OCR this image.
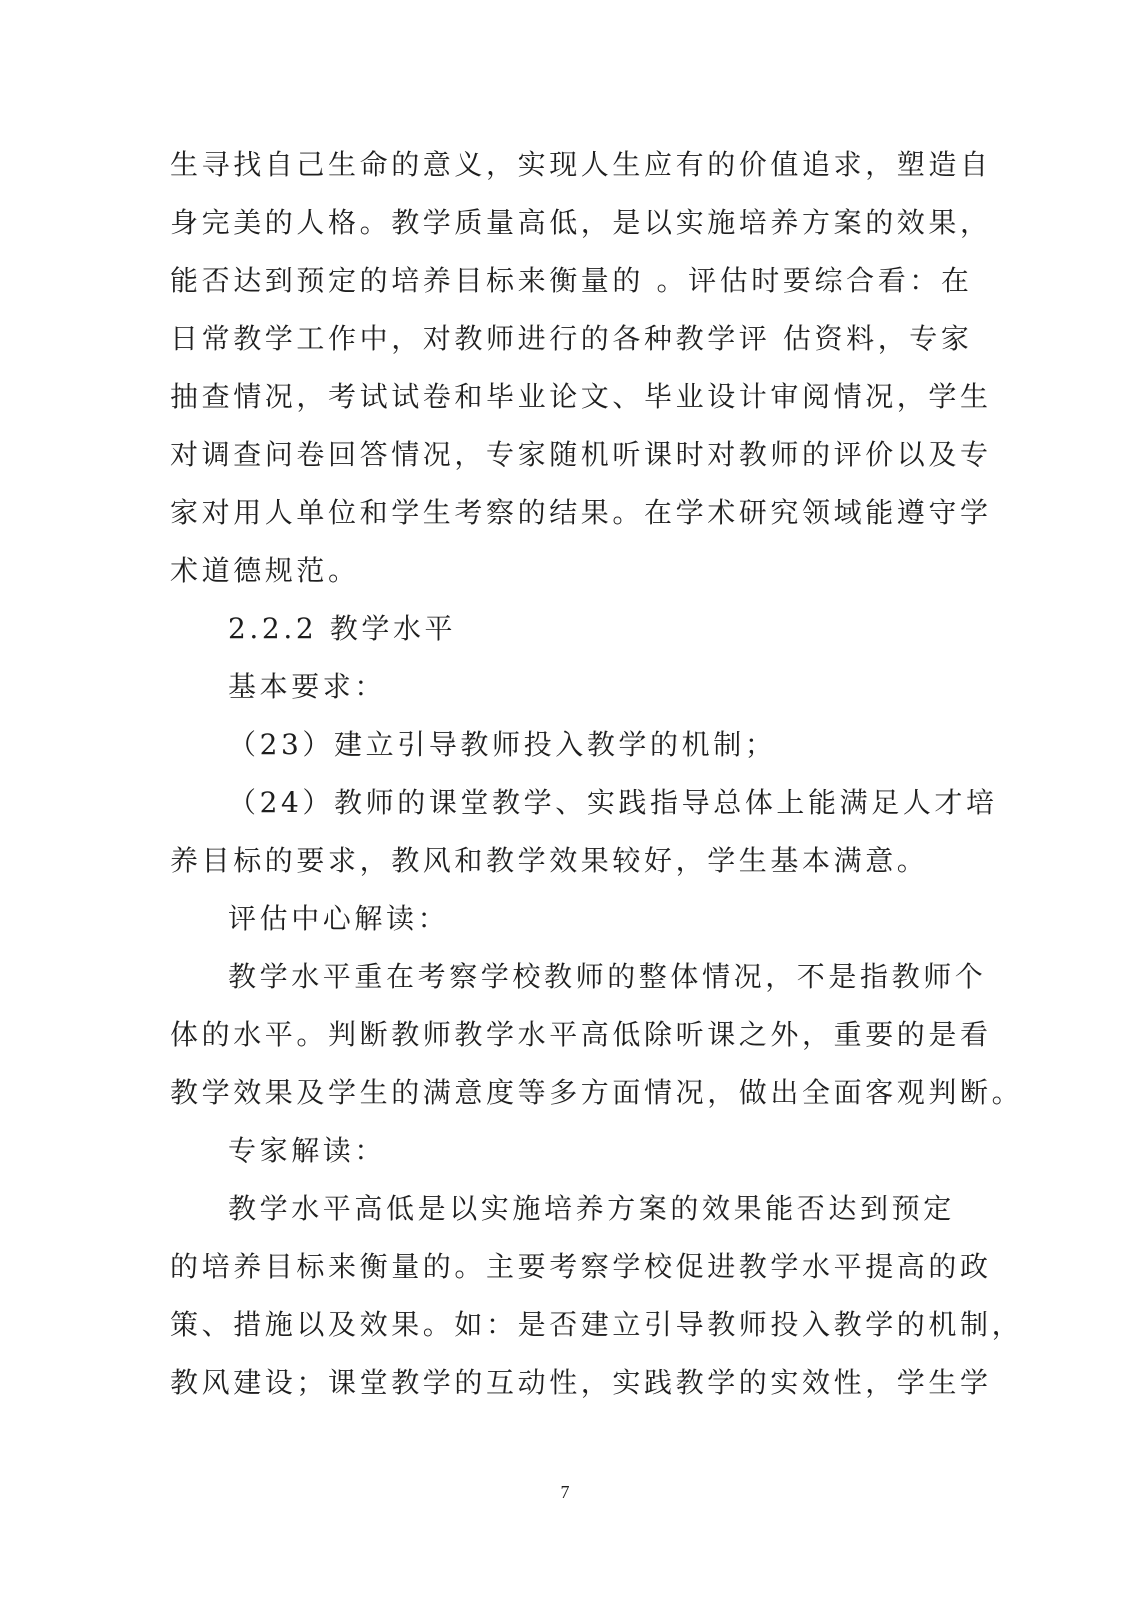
生寻找自己生命的意义，实现人生应有的价值追求，塑造自
身完美的人格。教学质量高低，是以实施培养方案的效果，
能否达到预定的培养目标来衡量的 。评估时要综合看：在
日常教学工作中，对教师进行的各种教学评 估资料，专家
抽查情况，考试试卷和毕业论文、毕业设计审阅情况，学生
对调查问卷回答情况，专家随机听课时对教师的评价以及专
家对用人单位和学生考察的结果。在学术研究领域能遵守学
术道德规范。
2.2.2 教学水平
基本要求：
（23）建立引导教师投入教学的机制；
（24）教师的课堂教学、实践指导总体上能满足人才培
养目标的要求，教风和教学效果较好，学生基本满意。
评估中心解读：
教学水平重在考察学校教师的整体情况，不是指教师个
体的水平。判断教师教学水平高低除听课之外，重要的是看
教学效果及学生的满意度等多方面情况，做出全面客观判断。
专家解读：
教学水平高低是以实施培养方案的效果能否达到预定
的培养目标来衡量的。主要考察学校促进教学水平提高的政
策、措施以及效果。如：是否建立引导教师投入教学的机制，
教风建设；课堂教学的互动性，实践教学的实效性，学生学
7
